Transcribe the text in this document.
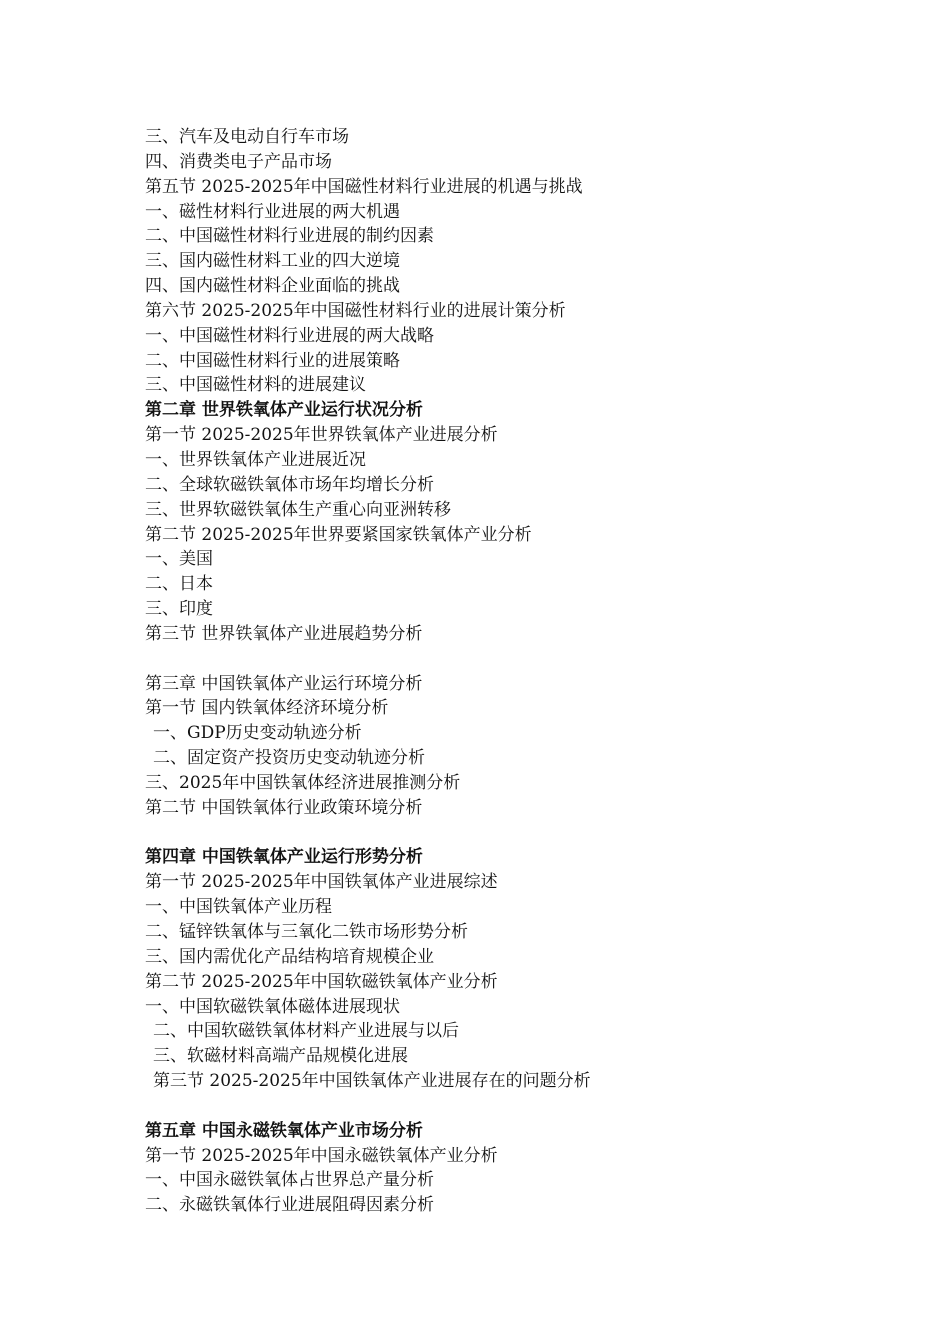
三、汽车及电动自行车市场
四、消费类电子产品市场
第五节 2025-2025年中国磁性材料行业进展的机遇与挑战
一、磁性材料行业进展的两大机遇
二、中国磁性材料行业进展的制约因素
三、国内磁性材料工业的四大逆境
四、国内磁性材料企业面临的挑战
第六节 2025-2025年中国磁性材料行业的进展计策分析
一、中国磁性材料行业进展的两大战略
二、中国磁性材料行业的进展策略
三、中国磁性材料的进展建议
第二章 世界铁氧体产业运行状况分析
第一节 2025-2025年世界铁氧体产业进展分析
一、世界铁氧体产业进展近况
二、全球软磁铁氧体市场年均增长分析
三、世界软磁铁氧体生产重心向亚洲转移
第二节 2025-2025年世界要紧国家铁氧体产业分析
一、美国
二、日本
三、印度
第三节 世界铁氧体产业进展趋势分析
第三章 中国铁氧体产业运行环境分析
第一节 国内铁氧体经济环境分析
一、GDP历史变动轨迹分析
二、固定资产投资历史变动轨迹分析
三、2025年中国铁氧体经济进展推测分析
第二节 中国铁氧体行业政策环境分析
第四章 中国铁氧体产业运行形势分析
第一节 2025-2025年中国铁氧体产业进展综述
一、中国铁氧体产业历程
二、锰锌铁氧体与三氧化二铁市场形势分析
三、国内需优化产品结构培育规模企业
第二节 2025-2025年中国软磁铁氧体产业分析
一、中国软磁铁氧体磁体进展现状
二、中国软磁铁氧体材料产业进展与以后
三、软磁材料高端产品规模化进展
第三节 2025-2025年中国铁氧体产业进展存在的问题分析
第五章 中国永磁铁氧体产业市场分析
第一节 2025-2025年中国永磁铁氧体产业分析
一、中国永磁铁氧体占世界总产量分析
二、永磁铁氧体行业进展阻碍因素分析
